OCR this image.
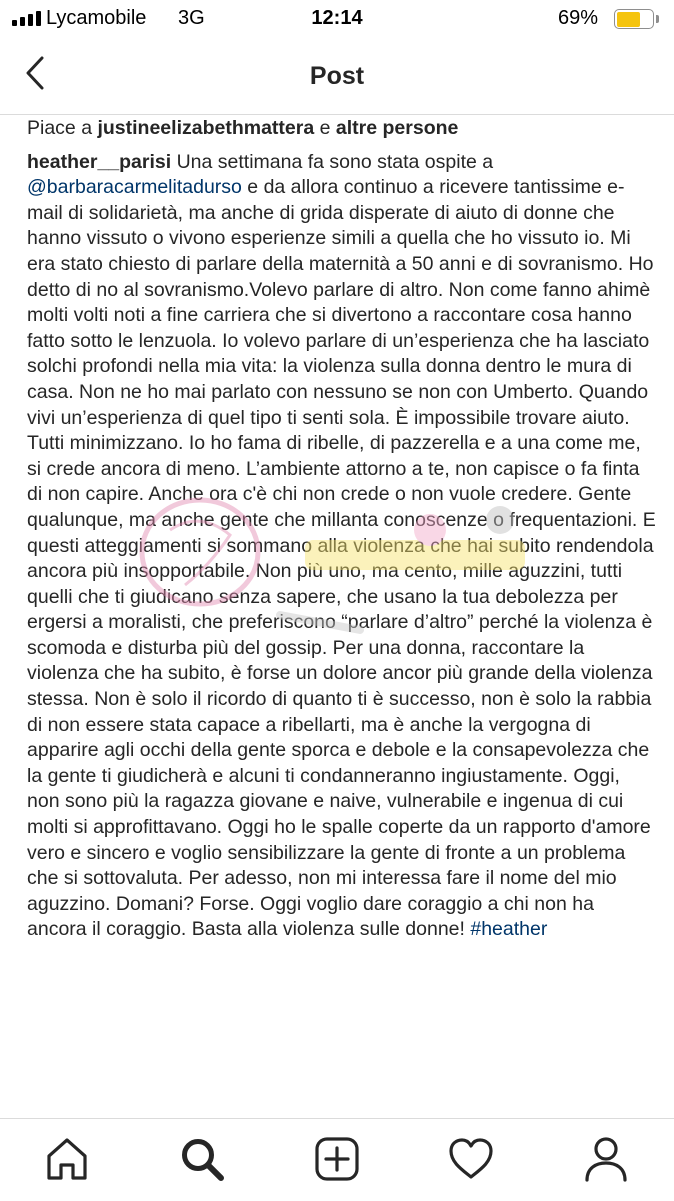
Lycamobile 3G	12:14	69%
Post

Piace a justineelizabethmattera e altre persone

heather__parisi Una settimana fa sono stata ospite a @barbaracarmelitadurso e da allora continuo a ricevere tantissime e-mail di solidarietà, ma anche di grida disperate di aiuto di donne che hanno vissuto o vivono esperienze simili a quella che ho vissuto io. Mi era stato chiesto di parlare della maternità a 50 anni e di sovranismo. Ho detto di no al sovranismo.Volevo parlare di altro. Non come fanno ahimè molti volti noti a fine carriera che si divertono a raccontare cosa hanno fatto sotto le lenzuola. Io volevo parlare di un’esperienza che ha lasciato solchi profondi nella mia vita: la violenza sulla donna dentro le mura di casa. Non ne ho mai parlato con nessuno se non con Umberto. Quando vivi un’esperienza di quel tipo ti senti sola. È impossibile trovare aiuto. Tutti minimizzano. Io ho fama di ribelle, di pazzerella e a una come me, si crede ancora di meno. L’ambiente attorno a te, non capisce o fa finta di non capire. Anche ora c'è chi non crede o non vuole credere. Gente qualunque, ma anche gente che millanta conoscenze o frequentazioni. E questi atteggiamenti si sommano alla violenza che hai subito rendendola ancora più insopportabile. Non più uno, ma cento, mille aguzzini, tutti quelli che ti giudicano senza sapere, che usano la tua debolezza per ergersi a moralisti, che preferiscono “parlare d’altro” perché la violenza è scomoda e disturba più del gossip. Per una donna, raccontare la violenza che ha subito, è forse un dolore ancor più grande della violenza stessa. Non è solo il ricordo di quanto ti è successo, non è solo la rabbia di non essere stata capace a ribellarti, ma è anche la vergogna di apparire agli occhi della gente sporca e debole e la consapevolezza che la gente ti giudicherà e alcuni ti condanneranno ingiustamente. Oggi, non sono più la ragazza giovane e naive, vulnerabile e ingenua di cui molti si approfittavano. Oggi ho le spalle coperte da un rapporto d'amore vero e sincero e voglio sensibilizzare la gente di fronte a un problema che si sottovaluta. Per adesso, non mi interessa fare il nome del mio aguzzino. Domani? Forse. Oggi voglio dare coraggio a chi non ha ancora il coraggio. Basta alla violenza sulle donne! #heather
